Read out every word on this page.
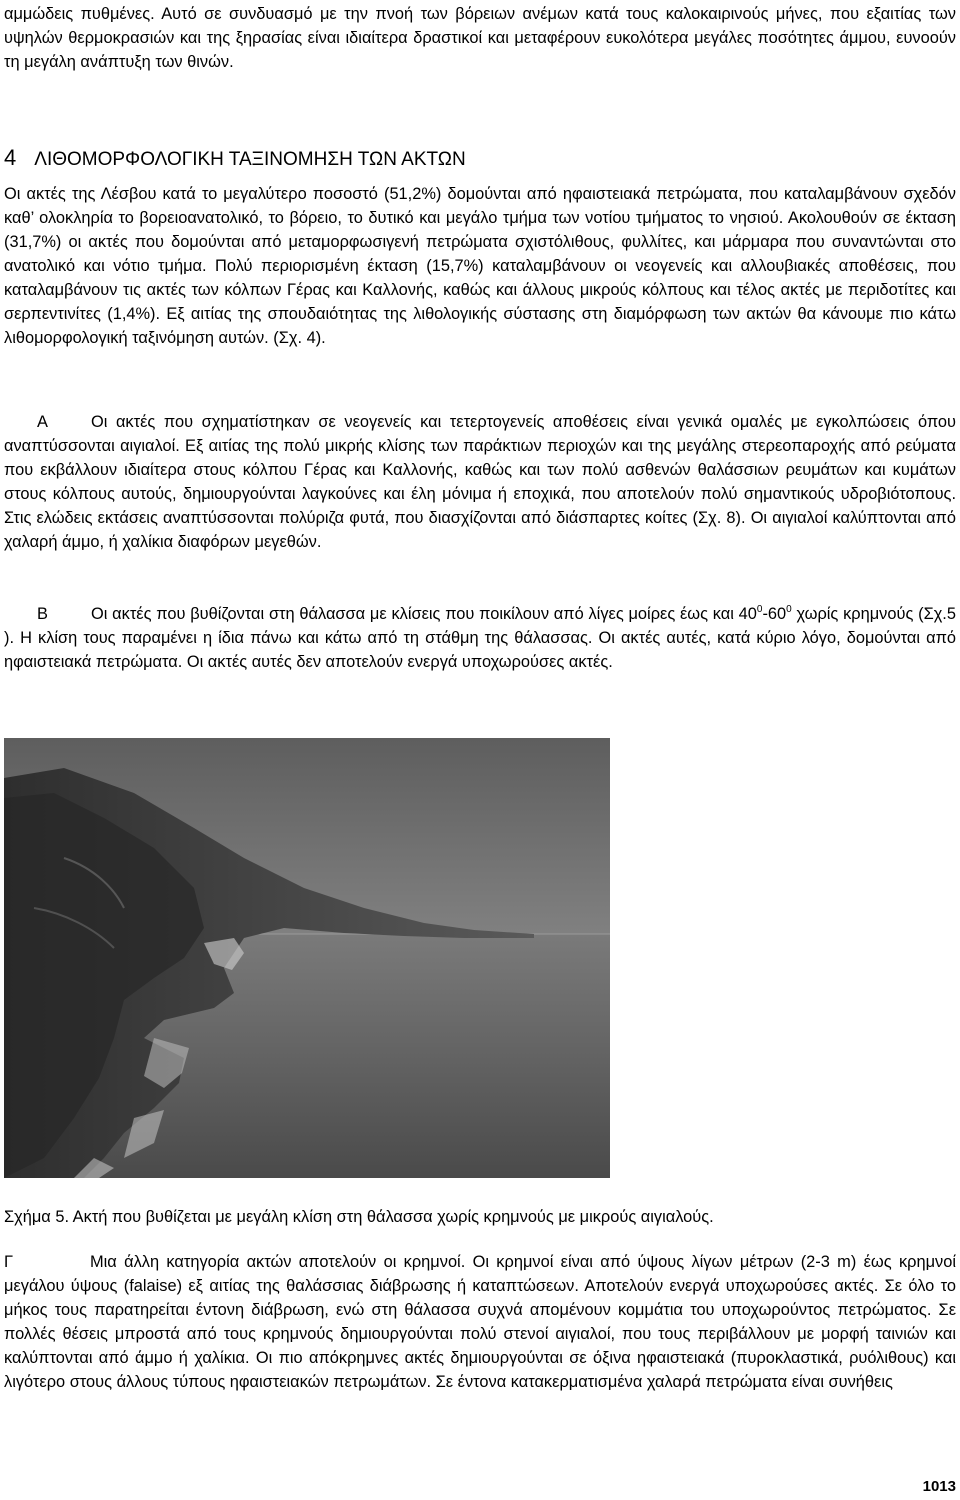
αμμώδεις πυθμένες. Αυτό σε συνδυασμό με την πνοή των βόρειων ανέμων κατά τους καλοκαιρινούς μήνες, που εξαιτίας των υψηλών θερμοκρασιών και της ξηρασίας είναι ιδιαίτερα δραστικοί και μεταφέρουν ευκολότερα μεγάλες ποσότητες άμμου, ευνοούν τη μεγάλη ανάπτυξη των θινών.

4 ΛΙΘΟΜΟΡΦΟΛΟΓΙΚΗ ΤΑΞΙΝΟΜΗΣΗ ΤΩΝ ΑΚΤΩΝ

Οι ακτές της Λέσβου κατά το μεγαλύτερο ποσοστό (51,2%) δομούνται από ηφαιστειακά πετρώματα, που καταλαμβάνουν σχεδόν καθ’ ολοκληρία το βορειοανατολικό, το βόρειο, το δυτικό και μεγάλο τμήμα των νοτίου τμήματος το νησιού. Ακολουθούν σε έκταση (31,7%) οι ακτές που δομούνται από μεταμορφωσιγενή πετρώματα σχιστόλιθους, φυλλίτες, και μάρμαρα που συναντώνται στο ανατολικό και νότιο τμήμα. Πολύ περιορισμένη έκταση (15,7%) καταλαμβάνουν οι νεογενείς και αλλουβιακές αποθέσεις, που καταλαμβάνουν τις ακτές των κόλπων Γέρας και Καλλονής, καθώς και άλλους μικρούς κόλπους και τέλος ακτές με περιδοτίτες και σερπεντινίτες (1,4%). Εξ αιτίας της σπουδαιότητας της λιθολογικής σύστασης στη διαμόρφωση των ακτών θα κάνουμε πιο κάτω λιθομορφολογική ταξινόμηση αυτών. (Σχ. 4).

Α	Οι ακτές που σχηματίστηκαν σε νεογενείς και τετερτογενείς αποθέσεις είναι γενικά ομαλές με εγκολπώσεις όπου αναπτύσσονται αιγιαλοί. Εξ αιτίας της πολύ μικρής κλίσης των παράκτιων περιοχών και της μεγάλης στερεοπαροχής από ρεύματα που εκβάλλουν ιδιαίτερα στους κόλπου Γέρας και Καλλονής, καθώς και των πολύ ασθενών θαλάσσιων ρευμάτων και κυμάτων στους κόλπους αυτούς, δημιουργούνται λαγκούνες και έλη μόνιμα ή εποχικά, που αποτελούν πολύ σημαντικούς υδροβιότοπους. Στις ελώδεις εκτάσεις αναπτύσσονται πολύριζα φυτά, που διασχίζονται από διάσπαρτες κοίτες (Σχ. 8). Οι αιγιαλοί καλύπτονται από χαλαρή άμμο, ή χαλίκια διαφόρων μεγεθών.

Β	Οι ακτές που βυθίζονται στη θάλασσα με κλίσεις που ποικίλουν από λίγες μοίρες έως και $40^0-60^0$ χωρίς κρημνούς (Σχ.5 ). Η κλίση τους παραμένει η ίδια πάνω και κάτω από τη στάθμη της θάλασσας. Οι ακτές αυτές, κατά κύριο λόγο, δομούνται από ηφαιστειακά πετρώματα. Οι ακτές αυτές δεν αποτελούν ενεργά υποχωρούσες ακτές.

Σχήμα 5. Ακτή που βυθίζεται με μεγάλη κλίση στη θάλασσα χωρίς κρημνούς με μικρούς αιγιαλούς.

Γ	Μια άλλη κατηγορία ακτών αποτελούν οι κρημνοί. Οι κρημνοί είναι από ύψους λίγων μέτρων (2-3 m) έως κρημνοί μεγάλου ύψους (falaise) εξ αιτίας της θαλάσσιας διάβρωσης ή καταπτώσεων. Αποτελούν ενεργά υποχωρούσες ακτές. Σε όλο το μήκος τους παρατηρείται έντονη διάβρωση, ενώ στη θάλασσα συχνά απομένουν κομμάτια του υποχωρούντος πετρώματος. Σε πολλές θέσεις μπροστά από τους κρημνούς δημιουργούνται πολύ στενοί αιγιαλοί, που τους περιβάλλουν με μορφή ταινιών και καλύπτονται από άμμο ή χαλίκια. Οι πιο απόκρημνες ακτές δημιουργούνται σε όξινα ηφαιστειακά (πυροκλαστικά, ρυόλιθους) και λιγότερο στους άλλους τύπους ηφαιστειακών πετρωμάτων. Σε έντονα κατακερματισμένα χαλαρά πετρώματα είναι συνήθεις

1013
